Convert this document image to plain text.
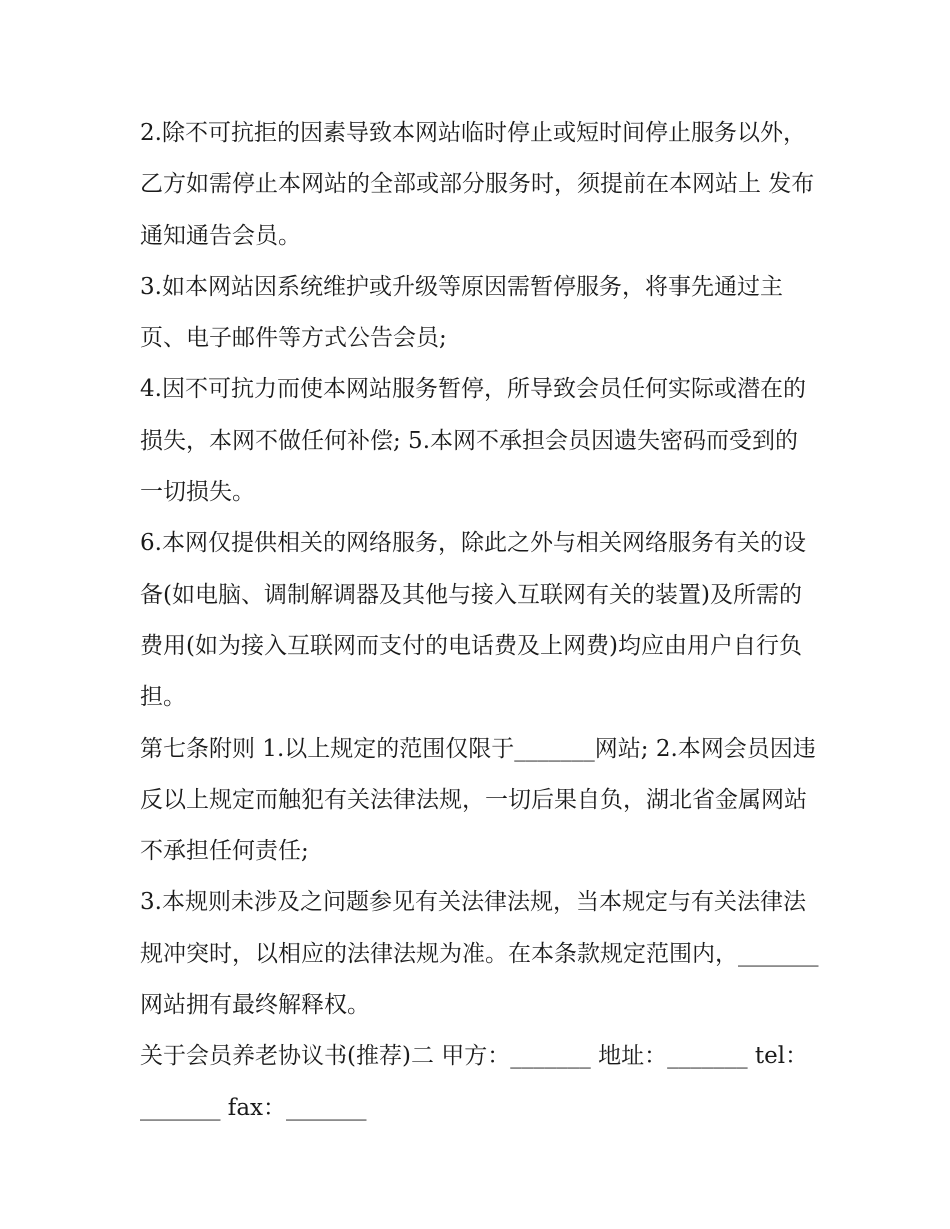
2.除不可抗拒的因素导致本网站临时停止或短时间停止服务以外，乙方如需停止本网站的全部或部分服务时，须提前在本网站上 发布通知通告会员。

3.如本网站因系统维护或升级等原因需暂停服务，将事先通过主页、电子邮件等方式公告会员;

4.因不可抗力而使本网站服务暂停，所导致会员任何实际或潜在的损失，本网不做任何补偿; 5.本网不承担会员因遗失密码而受到的一切损失。

6.本网仅提供相关的网络服务，除此之外与相关网络服务有关的设备(如电脑、调制解调器及其他与接入互联网有关的装置)及所需的费用(如为接入互联网而支付的电话费及上网费)均应由用户自行负担。

第七条附则 1.以上规定的范围仅限于_______网站; 2.本网会员因违反以上规定而触犯有关法律法规，一切后果自负，湖北省金属网站不承担任何责任;

3.本规则未涉及之问题参见有关法律法规，当本规定与有关法律法规冲突时，以相应的法律法规为准。在本条款规定范围内，_______网站拥有最终解释权。

关于会员养老协议书(推荐)二 甲方：_______ 地址：_______ tel：_______ fax：_______
